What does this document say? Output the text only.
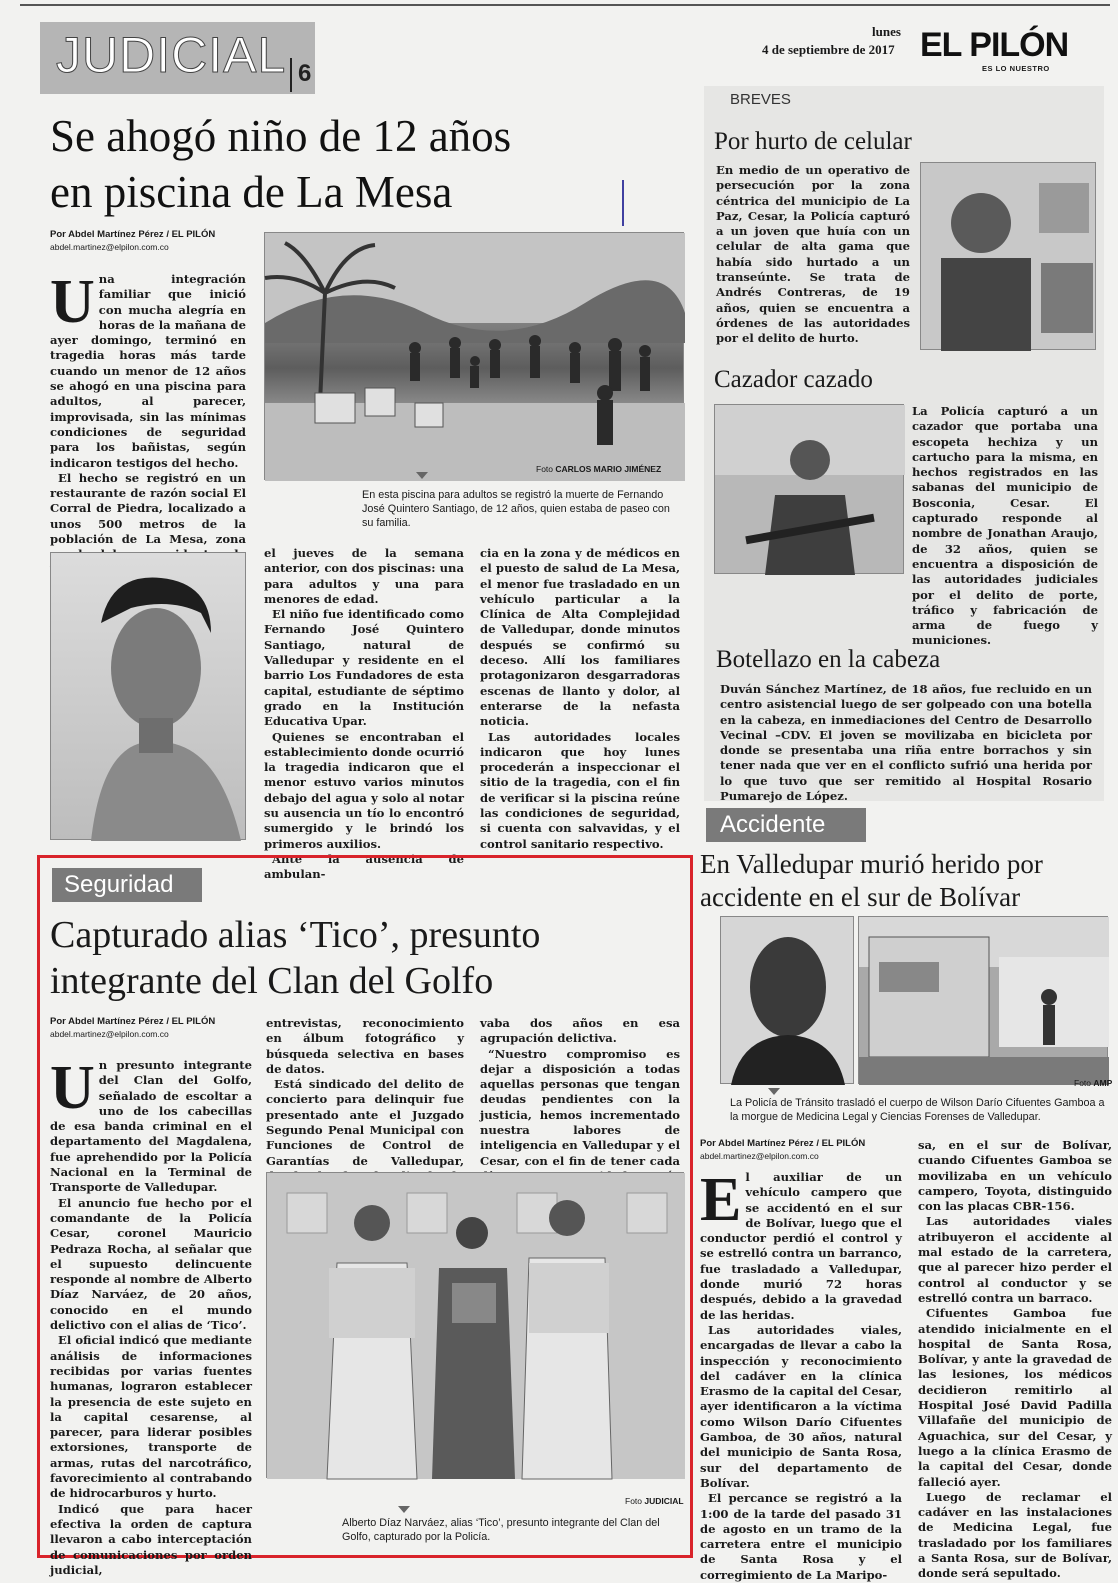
JUDICIAL 6
lunes
4 de septiembre de 2017 EL PILÓN
ES LO NUESTRO
Se ahogó niño de 12 años
en piscina de La Mesa
Por Abdel Martínez Pérez / EL PILÓN
abdel.martinez@elpilon.com.co
Foto CARLOS MARIO JIMÉNEZ
En esta piscina para adultos se registró la muerte de Fernando José Quintero Santiago, de 12 años, quien estaba de paseo con su familia.

Una integración familiar que inició con mucha alegría en horas de la mañana de ayer domingo, terminó en tragedia horas más tarde cuando un menor de 12 años se ahogó en una piscina para adultos, al parecer, improvisada, sin las mínimas condiciones de seguridad para los bañistas, según indicaron testigos del hecho.

El hecho se registró en un restaurante de razón social El Corral de Piedra, localizado a unos 500 metros de la población de La Mesa, zona

el jueves de la semana anterior, con dos piscinas: una para adultos y una para menores de edad.

El niño fue identificado como Fernando José Quintero Santiago, natural de Valledupar y residente en el barrio Los Fundadores de esta capital, estudiante de séptimo grado en la Institución Educativa Upar.

Quienes se encontraban el establecimiento donde ocurrió la tragedia indicaron que el menor estuvo varios minutos debajo del agua y solo al notar su ausencia un tío lo encontró sumergido y le brindó los primeros auxilios.

Ante la ausencia de ambulan-

cia en la zona y de médicos en el puesto de salud de La Mesa, el menor fue trasladado en un vehículo particular a la Clínica de Alta Complejidad de Valledupar, donde minutos después se confirmó su deceso. Allí los familiares protagonizaron desgarradoras escenas de llanto y dolor, al enterarse de la nefasta noticia.

Las autoridades locales indicaron que hoy lunes procederán a inspeccionar el sitio de la tragedia, con el fin de verificar si la piscina reúne las condiciones de seguridad, si cuenta con salvavidas, y el control sanitario respectivo.

BREVES
Por hurto de celular
En medio de un operativo de persecución por la zona céntrica del municipio de La Paz, Cesar, la Policía capturó a un joven que huía con un celular de alta gama que había sido hurtado a un transeúnte. Se trata de Andrés Contreras, de 19 años, quien se encuentra a órdenes de las autoridades por el delito de hurto.
Cazador cazado
La Policía capturó a un cazador que portaba una escopeta hechiza y un cartucho para la misma, en hechos registrados en las sabanas del municipio de Bosconia, Cesar. El capturado responde al nombre de Jonathan Araujo, de 32 años, quien se encuentra a disposición de las autoridades judiciales por el delito de porte, tráfico y fabricación de arma de fuego y municiones.
Botellazo en la cabeza
Duván Sánchez Martínez, de 18 años, fue recluido en un centro asistencial luego de ser golpeado con una botella en la cabeza, en inmediaciones del Centro de Desarrollo Vecinal –CDV. El joven se movilizaba en bicicleta por donde se presentaba una riña entre borrachos y sin tener nada que ver en el conflicto sufrió una herida por lo que tuvo que ser remitido al Hospital Rosario Pumarejo de López.
Seguridad
Capturado alias ‘Tico’, presunto
integrante del Clan del Golfo
Por Abdel Martínez Pérez / EL PILÓN
abdel.martinez@elpilon.com.co

Un presunto integrante del Clan del Golfo, señalado de escoltar a uno de los cabecillas de esa banda criminal en el departamento del Magdalena, fue aprehendido por la Policía Nacional en la Terminal de Transporte de Valledupar.

El anuncio fue hecho por el comandante de la Policía Cesar, coronel Mauricio Pedraza Rocha, al señalar que el supuesto delincuente responde al nombre de Alberto Díaz Narváez, de 20 años, conocido en el mundo delictivo con el alias de ‘Tico’.

El oficial indicó que mediante análisis de informaciones recibidas por varias fuentes humanas, lograron establecer la presencia de este sujeto en la capital cesarense, al parecer, para liderar posibles extorsiones, transporte de armas, rutas del narcotráfico, favorecimiento al contrabando de hidrocarburos y hurto.

Indicó que para hacer efectiva la orden de captura llevaron a cabo interceptación de comunicaciones por orden judicial,

entrevistas, reconocimiento en álbum fotográfico y búsqueda selectiva en bases de datos.

Está sindicado del delito de concierto para delinquir fue presentado ante el Juzgado Segundo Penal Municipal con Funciones de Control de Garantías de Valledupar,

vaba dos años en esa agrupación delictiva.

“Nuestro compromiso es dejar a disposición a todas aquellas personas que tengan deudas pendientes con la justicia, hemos incrementado nuestra labores de inteligencia en Valledupar y el Cesar, con el fin de tener cada

Foto JUDICIAL
Alberto Díaz Narváez, alias ‘Tico’, presunto integrante del Clan del Golfo, capturado por la Policía.
Accidente
En Valledupar murió herido por
accidente en el sur de Bolívar
Foto AMP
La Policía de Tránsito trasladó el cuerpo de Wilson Darío Cifuentes Gamboa a la morgue de Medicina Legal y Ciencias Forenses de Valledupar.
Por Abdel Martínez Pérez / EL PILÓN
abdel.martinez@elpilon.com.co

El auxiliar de un vehículo campero que se accidentó en el sur de Bolívar, luego que el conductor perdió el control y se estrelló contra un barranco, fue trasladado a Valledupar, donde murió 72 horas después, debido a la gravedad de las heridas.

Las autoridades viales, encargadas de llevar a cabo la inspección y reconocimiento del cadáver en la clínica Erasmo de la capital del Cesar, ayer identificaron a la víctima como Wilson Darío Cifuentes Gamboa, de 30 años, natural del municipio de Santa Rosa, sur del departamento de Bolívar.

El percance se registró a la 1:00 de la tarde del pasado 31 de agosto en un tramo de la carretera entre el municipio de Santa Rosa y el corregimiento de La Maripo-

sa, en el sur de Bolívar, cuando Cifuentes Gamboa se movilizaba en un vehículo campero, Toyota, distinguido con las placas CBR-156.

Las autoridades viales atribuyeron el accidente al mal estado de la carretera, que al parecer hizo perder el control al conductor y se estrelló contra un barraco.

Cifuentes Gamboa fue atendido inicialmente en el hospital de Santa Rosa, Bolívar, y ante la gravedad de las lesiones, los médicos decidieron remitirlo al Hospital José David Padilla Villafañe del municipio de Aguachica, sur del Cesar, y luego a la clínica Erasmo de la capital del Cesar, donde falleció ayer.

Luego de reclamar el cadáver en las instalaciones de Medicina Legal, fue trasladado por los familiares a Santa Rosa, sur de Bolívar, donde será sepultado.
